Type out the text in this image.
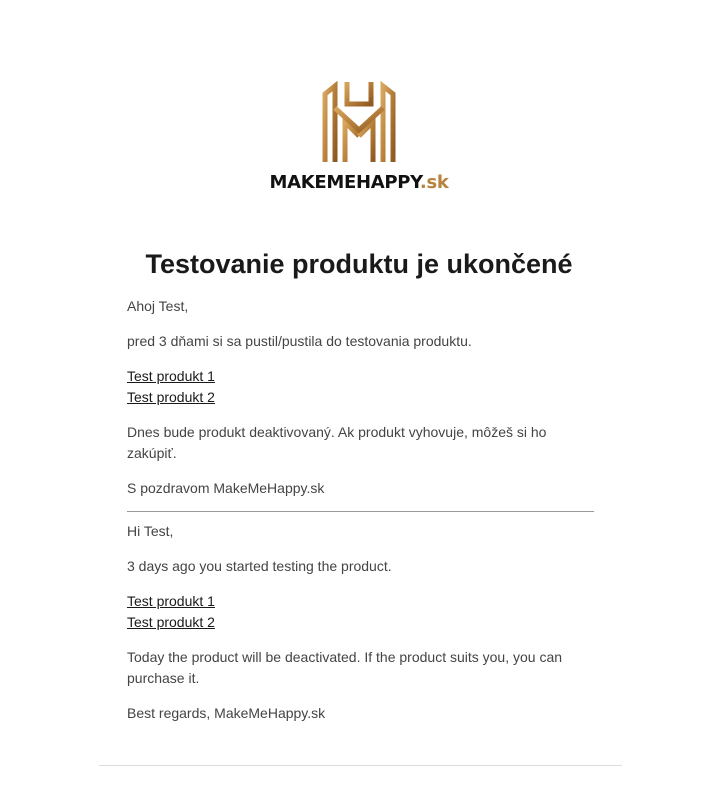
MAKEMEHAPPY.sk
Testovanie produktu je ukončené

Ahoj Test,

pred 3 dňami si sa pustil/pustila do testovania produktu.

Test produkt 1
Test produkt 2

Dnes bude produkt deaktivovaný. Ak produkt vyhovuje, môžeš si ho zakúpiť.

S pozdravom MakeMeHappy.sk

Hi Test,

3 days ago you started testing the product.

Test produkt 1
Test produkt 2

Today the product will be deactivated. If the product suits you, you can purchase it.

Best regards, MakeMeHappy.sk
